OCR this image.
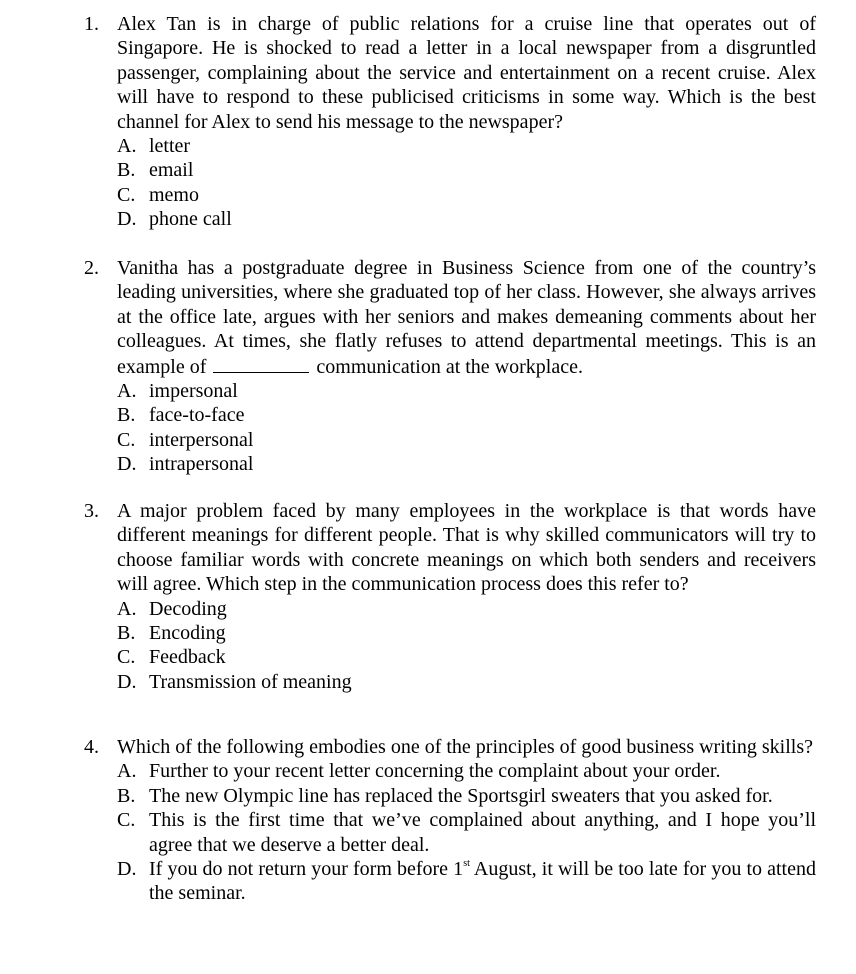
1. Alex Tan is in charge of public relations for a cruise line that operates out of Singapore. He is shocked to read a letter in a local newspaper from a disgruntled passenger, complaining about the service and entertainment on a recent cruise. Alex will have to respond to these publicised criticisms in some way. Which is the best channel for Alex to send his message to the newspaper?
A. letter
B. email
C. memo
D. phone call
2. Vanitha has a postgraduate degree in Business Science from one of the country’s leading universities, where she graduated top of her class. However, she always arrives at the office late, argues with her seniors and makes demeaning comments about her colleagues. At times, she flatly refuses to attend departmental meetings. This is an example of	communication at the workplace.
A. impersonal
B. face-to-face
C. interpersonal
D. intrapersonal
3. A major problem faced by many employees in the workplace is that words have different meanings for different people. That is why skilled communicators will try to choose familiar words with concrete meanings on which both senders and receivers will agree. Which step in the communication process does this refer to?
A. Decoding
B. Encoding
C. Feedback
D. Transmission of meaning
4. Which of the following embodies one of the principles of good business writing skills?
A. Further to your recent letter concerning the complaint about your order.
B. The new Olympic line has replaced the Sportsgirl sweaters that you asked for.
C. This is the first time that we’ve complained about anything, and I hope you’ll agree that we deserve a better deal.
D. If you do not return your form before 1st August, it will be too late for you to attend the seminar.
